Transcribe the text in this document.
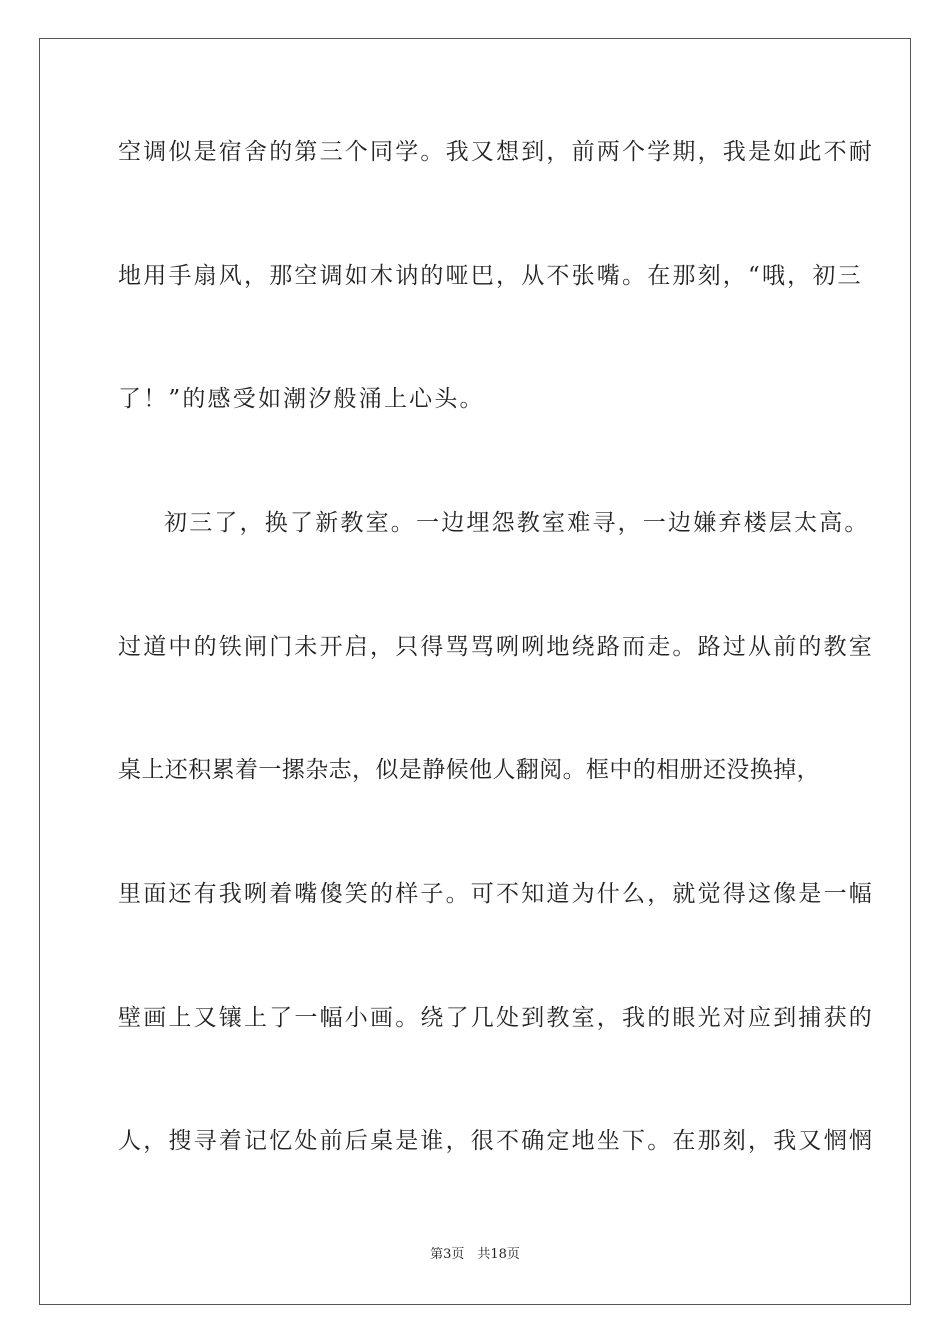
空调似是宿舍的第三个同学。我又想到，前两个学期，我是如此不耐
地用手扇风，那空调如木讷的哑巴，从不张嘴。在那刻，“哦，初三
了！”的感受如潮汐般涌上心头。
初三了，换了新教室。一边埋怨教室难寻，一边嫌弃楼层太高。
过道中的铁闸门未开启，只得骂骂咧咧地绕路而走。路过从前的教室
桌上还积累着一摞杂志，似是静候他人翻阅。框中的相册还没换掉，
里面还有我咧着嘴傻笑的样子。可不知道为什么，就觉得这像是一幅
壁画上又镶上了一幅小画。绕了几处到教室，我的眼光对应到捕获的
人，搜寻着记忆处前后桌是谁，很不确定地坐下。在那刻，我又惘惘
第3页　共18页
